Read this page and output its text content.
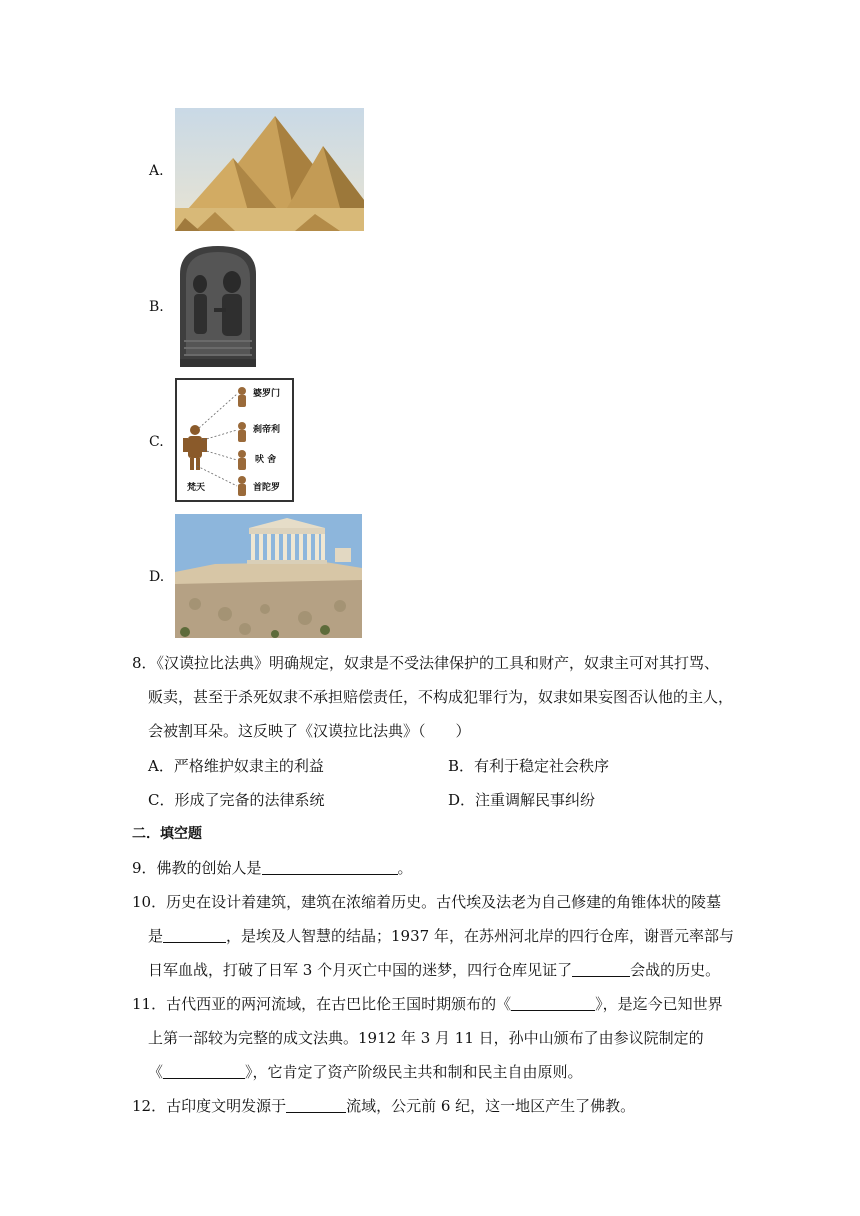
A.
B.
C.
婆罗门
刹帝利
吠 舍
首陀罗
梵天
D.
8．《汉谟拉比法典》明确规定，奴隶是不受法律保护的工具和财产，奴隶主可对其打骂、
贩卖，甚至于杀死奴隶不承担赔偿责任，不构成犯罪行为，奴隶如果妄图否认他的主人，
会被割耳朵。这反映了《汉谟拉比法典》（　　）
A．严格维护奴隶主的利益	B．有利于稳定社会秩序
C．形成了完备的法律系统	D．注重调解民事纠纷
二．填空题
9．佛教的创始人是	。
10．历史在设计着建筑，建筑在浓缩着历史。古代埃及法老为自己修建的角锥体状的陵墓
是	，是埃及人智慧的结晶；1937 年，在苏州河北岸的四行仓库，谢晋元率部与
日军血战，打破了日军 3 个月灭亡中国的迷梦，四行仓库见证了	会战的历史。
11．古代西亚的两河流域，在古巴比伦王国时期颁布的《	》，是迄今已知世界
上第一部较为完整的成文法典。1912 年 3 月 11 日，孙中山颁布了由参议院制定的
《	》，它肯定了资产阶级民主共和制和民主自由原则。
12．古印度文明发源于	流域，公元前 6 纪，这一地区产生了佛教。
